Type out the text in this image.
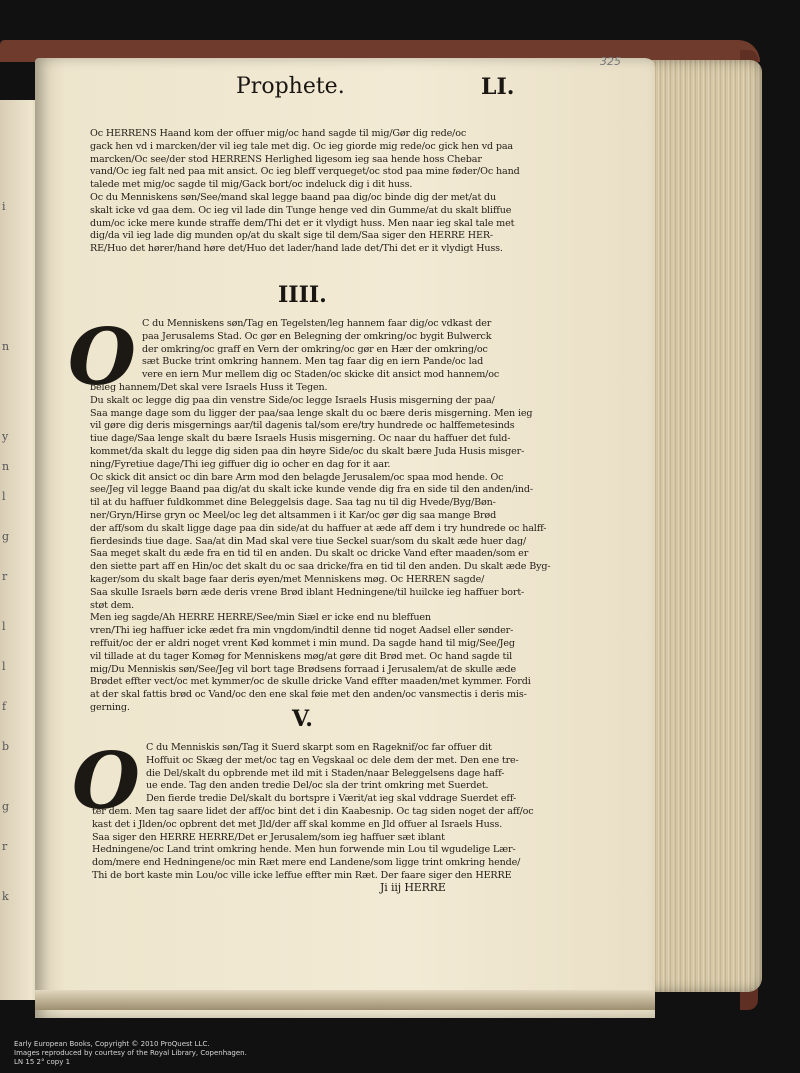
i
n
y
n
l
g
r
l
l
f
b
g
r
k
325
Prophete.	LI.
Oc HERRENS Haand kom der offuer mig/oc hand sagde til mig/Gør dig rede/oc
gack hen vd i marcken/der vil ieg tale met dig. Oc ieg giorde mig rede/oc gick hen vd paa
marcken/Oc see/der stod HERRENS Herlighed ligesom ieg saa hende hoss Chebar
vand/Oc ieg falt ned paa mit ansict. Oc ieg bleff verqueget/oc stod paa mine føder/Oc hand
talede met mig/oc sagde til mig/Gack bort/oc indeluck dig i dit huss.
Oc du Menniskens søn/See/mand skal legge baand paa dig/oc binde dig der met/at du
skalt icke vd gaa dem. Oc ieg vil lade din Tunge henge ved din Gumme/at du skalt bliffue
dum/oc icke mere kunde straffe dem/Thi det er it vlydigt huss. Men naar ieg skal tale met
dig/da vil ieg lade dig munden op/at du skalt sige til dem/Saa siger den HERRE HER-
RE/Huo det hører/hand høre det/Huo det lader/hand lade det/Thi det er it vlydigt Huss.
IIII.
O C du Menniskens søn/Tag en Tegelsten/leg hannem faar dig/oc vdkast der
paa Jerusalems Stad. Oc gør en Belegning der omkring/oc bygit Bulwerck
der omkring/oc graff en Vern der omkring/oc gør en Hær der omkring/oc
sæt Bucke trint omkring hannem. Men tag faar dig en iern Pande/oc lad
vere en iern Mur mellem dig oc Staden/oc skicke dit ansict mod hannem/oc
beleg hannem/Det skal vere Israels Huss it Tegen.
Du skalt oc legge dig paa din venstre Side/oc legge Israels Husis misgerning der paa/
Saa mange dage som du ligger der paa/saa lenge skalt du oc bære deris misgerning. Men ieg
vil gøre dig deris misgernings aar/til dagenis tal/som ere/try hundrede oc halffemetesinds
tiue dage/Saa lenge skalt du bære Israels Husis misgerning. Oc naar du haffuer det fuld-
kommet/da skalt du legge dig siden paa din høyre Side/oc du skalt bære Juda Husis misger-
ning/Fyretiue dage/Thi ieg giffuer dig io ocher en dag for it aar.
Oc skick dit ansict oc din bare Arm mod den belagde Jerusalem/oc spaa mod hende. Oc
see/Jeg vil legge Baand paa dig/at du skalt icke kunde vende dig fra en side til den anden/ind-
til at du haffuer fuldkommet dine Beleggelsis dage. Saa tag nu til dig Hvede/Byg/Bøn-
ner/Gryn/Hirse gryn oc Meel/oc leg det altsammen i it Kar/oc gør dig saa mange Brød
der aff/som du skalt ligge dage paa din side/at du haffuer at æde aff dem i try hundrede oc halff-
fierdesinds tiue dage. Saa/at din Mad skal vere tiue Seckel suar/som du skalt æde huer dag/
Saa meget skalt du æde fra en tid til en anden. Du skalt oc dricke Vand efter maaden/som er
den siette part aff en Hin/oc det skalt du oc saa dricke/fra en tid til den anden. Du skalt æde Byg-
kager/som du skalt bage faar deris øyen/met Menniskens møg. Oc HERREN sagde/
Saa skulle Israels børn æde deris vrene Brød iblant Hedningene/til huilcke ieg haffuer bort-
støt dem.
Men ieg sagde/Ah HERRE HERRE/See/min Siæl er icke end nu bleffuen
vren/Thi ieg haffuer icke ædet fra min vngdom/indtil denne tid noget Aadsel eller sønder-
reffuit/oc der er aldri noget vrent Kød kommet i min mund. Da sagde hand til mig/See/Jeg
vil tillade at du tager Komøg for Menniskens møg/at gøre dit Brød met. Oc hand sagde til
mig/Du Menniskis søn/See/Jeg vil bort tage Brødsens forraad i Jerusalem/at de skulle æde
Brødet effter vect/oc met kymmer/oc de skulle dricke Vand effter maaden/met kymmer. Fordi
at der skal fattis brød oc Vand/oc den ene skal føie met den anden/oc vansmectis i deris mis-
gerning.	V.
O C du Menniskis søn/Tag it Suerd skarpt som en Rageknif/oc far offuer dit
Hoffuit oc Skæg der met/oc tag en Vegskaal oc dele dem der met. Den ene tre-
die Del/skalt du opbrende met ild mit i Staden/naar Beleggelsens dage haff-
ue ende. Tag den anden tredie Del/oc sla der trint omkring met Suerdet.
Den fierde tredie Del/skalt du bortspre i Værit/at ieg skal vddrage Suerdet eff-
ter dem. Men tag saare lidet der aff/oc bint det i din Kaabesnip. Oc tag siden noget der aff/oc
kast det i Jlden/oc opbrent det met Jld/der aff skal komme en Jld offuer al Israels Huss.
Saa siger den HERRE HERRE/Det er Jerusalem/som ieg haffuer sæt iblant
Hedningene/oc Land trint omkring hende. Men hun forwende min Lou til wgudelige Lær-
dom/mere end Hedningene/oc min Ræt mere end Landene/som ligge trint omkring hende/
Thi de bort kaste min Lou/oc ville icke leffue effter min Ræt. Der faare siger den HERRE
Ji iij HERRE
Early European Books, Copyright © 2010 ProQuest LLC.
Images reproduced by courtesy of the Royal Library, Copenhagen.
LN 15 2° copy 1
